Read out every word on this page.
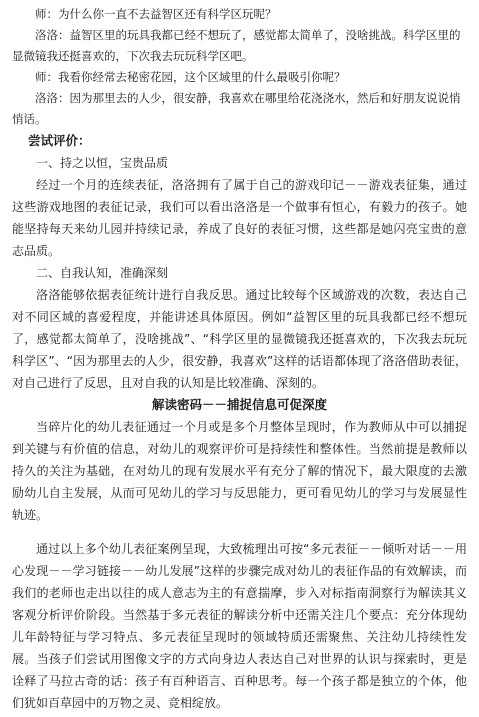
师：为什么你一直不去益智区还有科学区玩呢？

洛洛：益智区里的玩具我都已经不想玩了，感觉都太简单了，没啥挑战。科学区里的显微镜我还挺喜欢的，下次我去玩玩科学区吧。

师：我看你经常去秘密花园，这个区域里的什么最吸引你呢？

洛洛：因为那里去的人少，很安静，我喜欢在哪里给花浇浇水，然后和好朋友说说悄悄话。

尝试评价：

一、持之以恒，宝贵品质

经过一个月的连续表征，洛洛拥有了属于自己的游戏印记－－游戏表征集，通过这些游戏地图的表征记录，我们可以看出洛洛是一个做事有恒心，有毅力的孩子。她能坚持每天来幼儿园并持续记录，养成了良好的表征习惯，这些都是她闪亮宝贵的意志品质。

二、自我认知，准确深刻

洛洛能够依据表征统计进行自我反思。通过比较每个区域游戏的次数，表达自己对不同区域的喜爱程度，并能讲述具体原因。例如“益智区里的玩具我都已经不想玩了，感觉都太简单了，没啥挑战”、“科学区里的显微镜我还挺喜欢的，下次我去玩玩科学区”、“因为那里去的人少，很安静，我喜欢”这样的话语都体现了洛洛借助表征，对自己进行了反思，且对自我的认知是比较准确、深刻的。

解读密码－－捕捉信息可促深度

当碎片化的幼儿表征通过一个月或是多个月整体呈现时，作为教师从中可以捕捉到关键与有价值的信息，对幼儿的观察评价可是持续性和整体性。当然前提是教师以持久的关注为基础，在对幼儿的现有发展水平有充分了解的情况下，最大限度的去激励幼儿自主发展，从而可见幼儿的学习与反思能力，更可看见幼儿的学习与发展显性轨迹。

通过以上多个幼儿表征案例呈现，大致梳理出可按“多元表征－－倾听对话－－用心发现－－学习链接－－幼儿发展”这样的步骤完成对幼儿的表征作品的有效解读，而我们的老师也走出以往的成人意志为主的有意揣摩，步入对标指南洞察行为解读其义客观分析评价阶段。当然基于多元表征的解读分析中还需关注几个要点：充分体现幼儿年龄特征与学习特点、多元表征呈现时的领域特质还需聚焦、关注幼儿持续性发展。当孩子们尝试用图像文字的方式向身边人表达自己对世界的认识与探索时，更是诠释了马拉古奇的话：孩子有百种语言、百种思考。每一个孩子都是独立的个体，他们犹如百草园中的万物之灵、竞相绽放。
